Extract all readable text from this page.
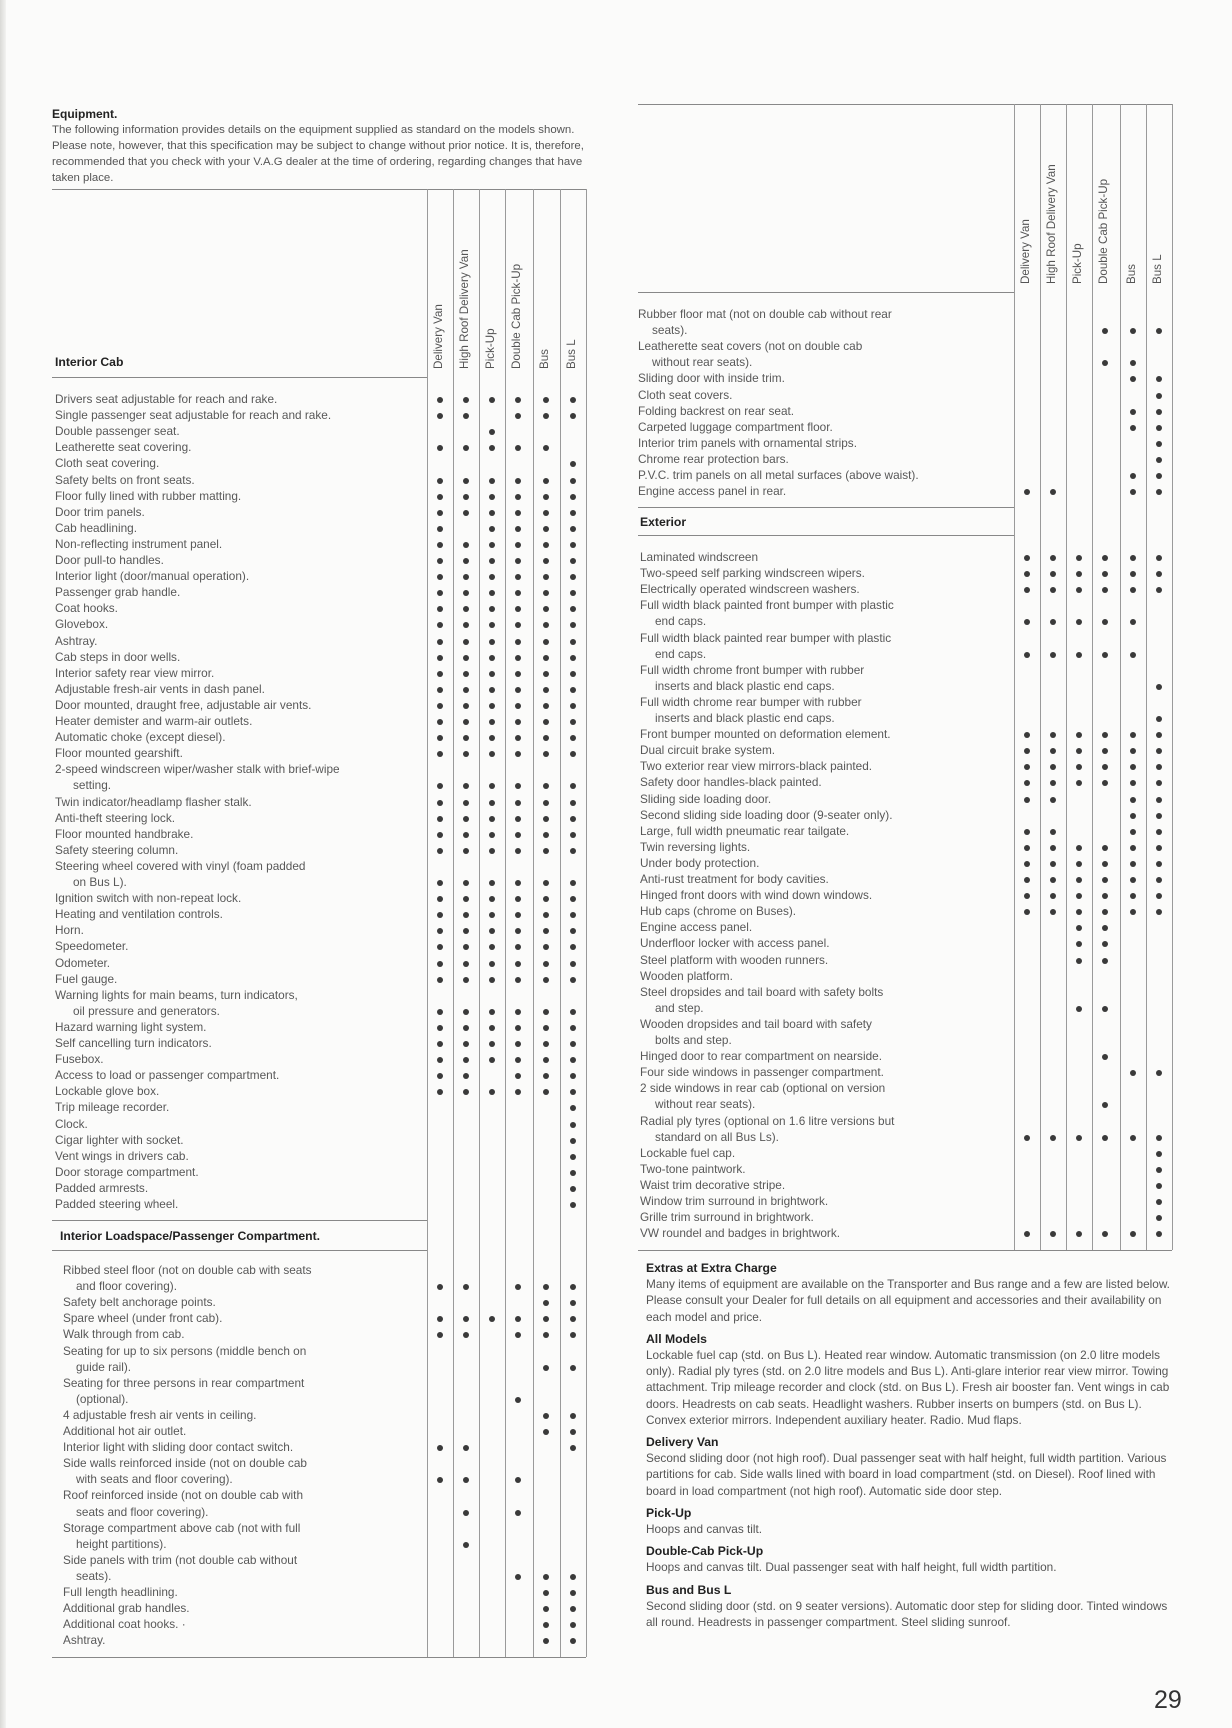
Equipment.
The following information provides details on the equipment supplied as standard on the models shown. Please note, however, that this specification may be subject to change without prior notice. It is, therefore, recommended that you check with your V.A.G dealer at the time of ordering, regarding changes that have taken place.
Delivery Van High Roof Delivery Van Pick-Up Double Cab Pick-Up Bus Bus L
Interior Cab
Drivers seat adjustable for reach and rake.
Single passenger seat adjustable for reach and rake.
Double passenger seat.
Leatherette seat covering.
Cloth seat covering.
Safety belts on front seats.
Floor fully lined with rubber matting.
Door trim panels.
Cab headlining.
Non-reflecting instrument panel.
Door pull-to handles.
Interior light (door/manual operation).
Passenger grab handle.
Coat hooks.
Glovebox.
Ashtray.
Cab steps in door wells.
Interior safety rear view mirror.
Adjustable fresh-air vents in dash panel.
Door mounted, draught free, adjustable air vents.
Heater demister and warm-air outlets.
Automatic choke (except diesel).
Floor mounted gearshift.
2-speed windscreen wiper/washer stalk with brief-wipe
setting.
Twin indicator/headlamp flasher stalk.
Anti-theft steering lock.
Floor mounted handbrake.
Safety steering column.
Steering wheel covered with vinyl (foam padded
on Bus L).
Ignition switch with non-repeat lock.
Heating and ventilation controls.
Horn.
Speedometer.
Odometer.
Fuel gauge.
Warning lights for main beams, turn indicators,
oil pressure and generators.
Hazard warning light system.
Self cancelling turn indicators.
Fusebox.
Access to load or passenger compartment.
Lockable glove box.
Trip mileage recorder.
Clock.
Cigar lighter with socket.
Vent wings in drivers cab.
Door storage compartment.
Padded armrests.
Padded steering wheel.
Interior Loadspace/Passenger Compartment.
Ribbed steel floor (not on double cab with seats
and floor covering).
Safety belt anchorage points.
Spare wheel (under front cab).
Walk through from cab.
Seating for up to six persons (middle bench on
guide rail).
Seating for three persons in rear compartment
(optional).
4 adjustable fresh air vents in ceiling.
Additional hot air outlet.
Interior light with sliding door contact switch.
Side walls reinforced inside (not on double cab
with seats and floor covering).
Roof reinforced inside (not on double cab with
seats and floor covering).
Storage compartment above cab (not with full
height partitions).
Side panels with trim (not double cab without
seats).
Full length headlining.
Additional grab handles.
Additional coat hooks. ·
Ashtray.
Delivery Van High Roof Delivery Van Pick-Up Double Cab Pick-Up Bus Bus L
Rubber floor mat (not on double cab without rear
seats).
Leatherette seat covers (not on double cab
without rear seats).
Sliding door with inside trim.
Cloth seat covers.
Folding backrest on rear seat.
Carpeted luggage compartment floor.
Interior trim panels with ornamental strips.
Chrome rear protection bars.
P.V.C. trim panels on all metal surfaces (above waist).
Engine access panel in rear.
Exterior
Laminated windscreen
Two-speed self parking windscreen wipers.
Electrically operated windscreen washers.
Full width black painted front bumper with plastic
end caps.
Full width black painted rear bumper with plastic
end caps.
Full width chrome front bumper with rubber
inserts and black plastic end caps.
Full width chrome rear bumper with rubber
inserts and black plastic end caps.
Front bumper mounted on deformation element.
Dual circuit brake system.
Two exterior rear view mirrors-black painted.
Safety door handles-black painted.
Sliding side loading door.
Second sliding side loading door (9-seater only).
Large, full width pneumatic rear tailgate.
Twin reversing lights.
Under body protection.
Anti-rust treatment for body cavities.
Hinged front doors with wind down windows.
Hub caps (chrome on Buses).
Engine access panel.
Underfloor locker with access panel.
Steel platform with wooden runners.
Wooden platform.
Steel dropsides and tail board with safety bolts
and step.
Wooden dropsides and tail board with safety
bolts and step.
Hinged door to rear compartment on nearside.
Four side windows in passenger compartment.
2 side windows in rear cab (optional on version
without rear seats).
Radial ply tyres (optional on 1.6 litre versions but
standard on all Bus Ls).
Lockable fuel cap.
Two-tone paintwork.
Waist trim decorative stripe.
Window trim surround in brightwork.
Grille trim surround in brightwork.
VW roundel and badges in brightwork.
Extras at Extra Charge

Many items of equipment are available on the Transporter and Bus range and a few are listed below. Please consult your Dealer for full details on all equipment and accessories and their availability on each model and price.

All Models

Lockable fuel cap (std. on Bus L). Heated rear window. Automatic transmission (on 2.0 litre models only). Radial ply tyres (std. on 2.0 litre models and Bus L). Anti-glare interior rear view mirror. Towing attachment. Trip mileage recorder and clock (std. on Bus L). Fresh air booster fan. Vent wings in cab doors. Headrests on cab seats. Headlight washers. Rubber inserts on bumpers (std. on Bus L). Convex exterior mirrors. Independent auxiliary heater. Radio. Mud flaps.

Delivery Van

Second sliding door (not high roof). Dual passenger seat with half height, full width partition. Various partitions for cab. Side walls lined with board in load compartment (std. on Diesel). Roof lined with board in load compartment (not high roof). Automatic side door step.

Pick-Up

Hoops and canvas tilt.

Double-Cab Pick-Up

Hoops and canvas tilt. Dual passenger seat with half height, full width partition.

Bus and Bus L

Second sliding door (std. on 9 seater versions). Automatic door step for sliding door. Tinted windows all round. Headrests in passenger compartment. Steel sliding sunroof.

29
